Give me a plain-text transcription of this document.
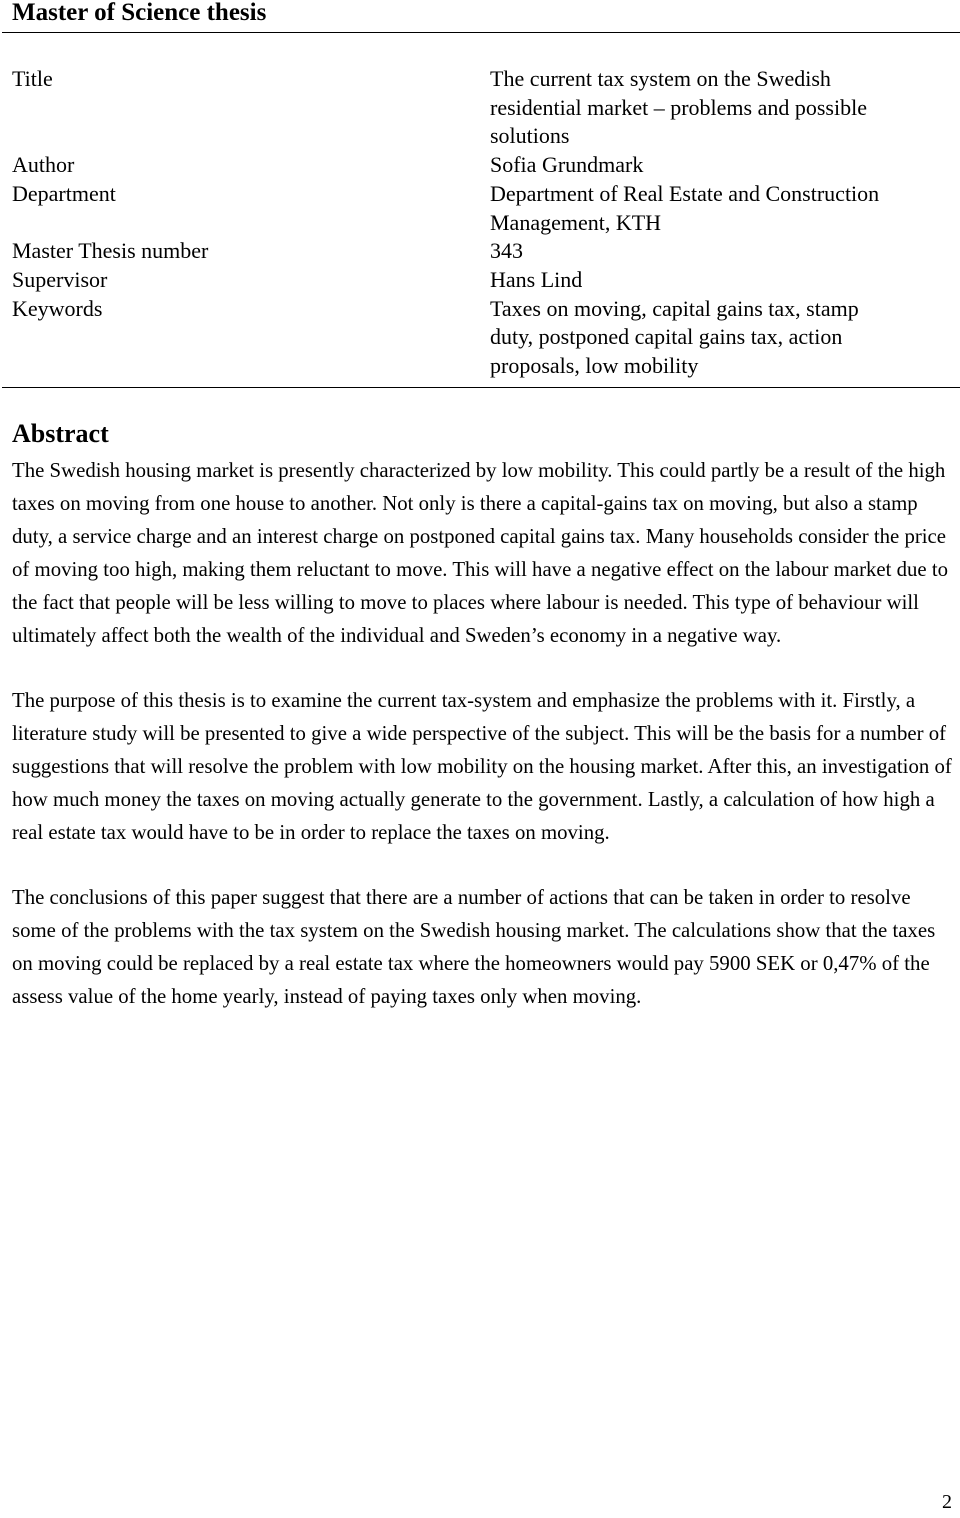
Master of Science thesis
Title	The current tax system on the Swedish
residential market – problems and possible
solutions
Author	Sofia Grundmark
Department	Department of Real Estate and Construction
Management, KTH
Master Thesis number	343
Supervisor	Hans Lind
Keywords	Taxes on moving, capital gains tax, stamp
duty, postponed capital gains tax, action
proposals, low mobility
Abstract

The Swedish housing market is presently characterized by low mobility. This could partly be a result of the high taxes on moving from one house to another. Not only is there a capital-gains tax on moving, but also a stamp duty, a service charge and an interest charge on postponed capital gains tax. Many households consider the price of moving too high, making them reluctant to move. This will have a negative effect on the labour market due to the fact that people will be less willing to move to places where labour is needed. This type of behaviour will ultimately affect both the wealth of the individual and Sweden’s economy in a negative way.

The purpose of this thesis is to examine the current tax-system and emphasize the problems with it. Firstly, a literature study will be presented to give a wide perspective of the subject. This will be the basis for a number of suggestions that will resolve the problem with low mobility on the housing market. After this, an investigation of how much money the taxes on moving actually generate to the government. Lastly, a calculation of how high a real estate tax would have to be in order to replace the taxes on moving.

The conclusions of this paper suggest that there are a number of actions that can be taken in order to resolve some of the problems with the tax system on the Swedish housing market. The calculations show that the taxes on moving could be replaced by a real estate tax where the homeowners would pay 5900 SEK or 0,47% of the assess value of the home yearly, instead of paying taxes only when moving.

2
